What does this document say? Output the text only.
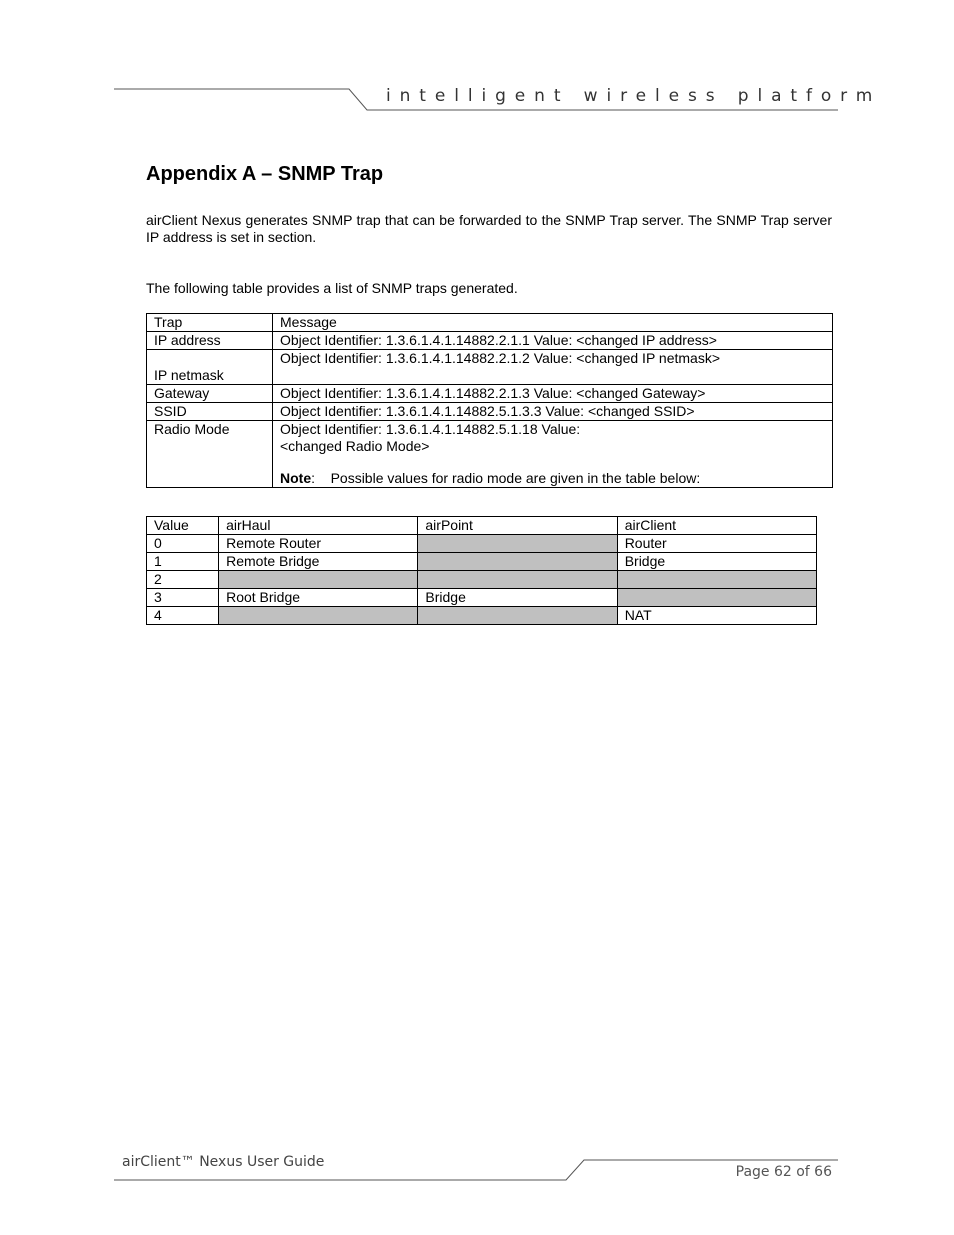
intelligent wireless platform
Appendix A – SNMP Trap

airClient Nexus generates SNMP trap that can be forwarded to the SNMP Trap server. The SNMP Trap server IP address is set in section.

The following table provides a list of SNMP traps generated.

Trap	Message
IP address	Object Identifier: 1.3.6.1.4.1.14882.2.1.1 Value: <changed IP address>
IP netmask	Object Identifier: 1.3.6.1.4.1.14882.2.1.2 Value: <changed IP netmask>
Gateway	Object Identifier: 1.3.6.1.4.1.14882.2.1.3 Value: <changed Gateway>
SSID	Object Identifier: 1.3.6.1.4.1.14882.5.1.3.3 Value: <changed SSID>
Radio Mode	Object Identifier: 1.3.6.1.4.1.14882.5.1.18 Value:
<changed Radio Mode>
Note:    Possible values for radio mode are given in the table below:
Value	airHaul	airPoint	airClient
0	Remote Router		Router
1	Remote Bridge		Bridge
2			
3	Root Bridge	Bridge	
4			NAT
airClient™ Nexus User Guide
Page 62 of 66
